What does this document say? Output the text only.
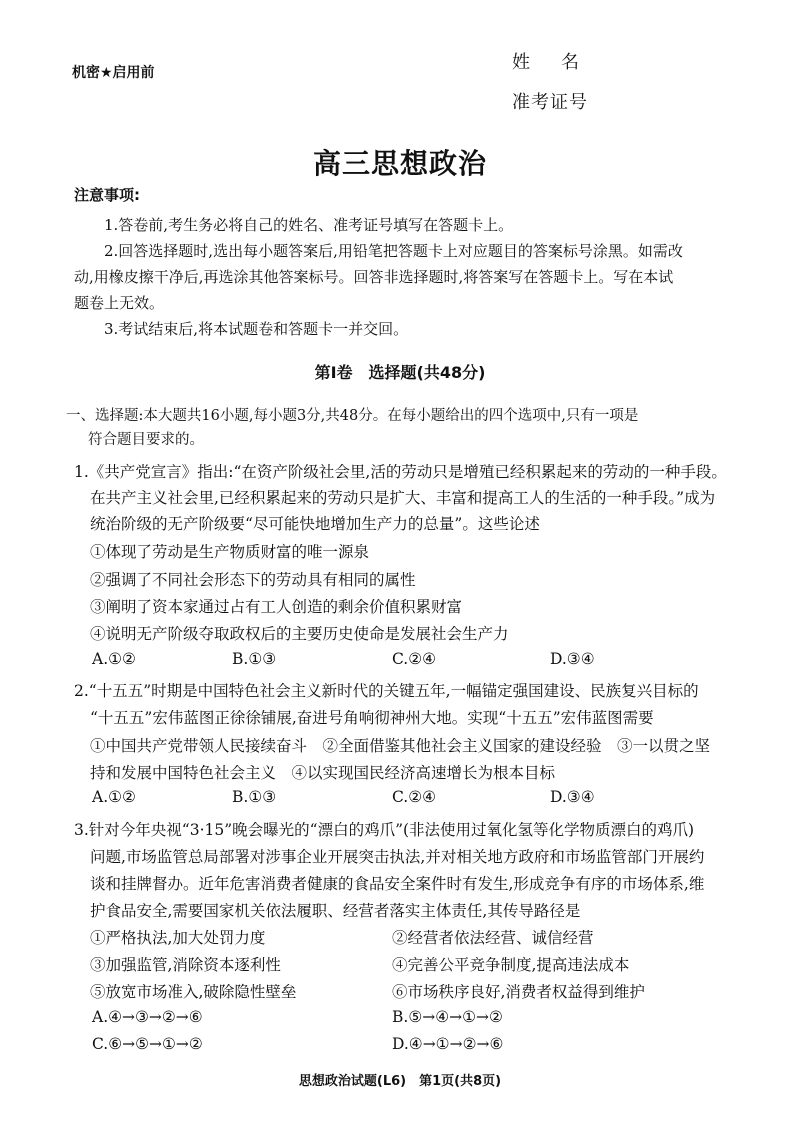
机密★启用前	姓 名
准考证号
高三思想政治
注意事项:
1.答卷前,考生务必将自己的姓名、准考证号填写在答题卡上。
2.回答选择题时,选出每小题答案后,用铅笔把答题卡上对应题目的答案标号涂黑。如需改
动,用橡皮擦干净后,再选涂其他答案标号。回答非选择题时,将答案写在答题卡上。写在本试
题卷上无效。
3.考试结束后,将本试题卷和答题卡一并交回。
第Ⅰ卷　选择题(共48分)
一、选择题:本大题共16小题,每小题3分,共48分。在每小题给出的四个选项中,只有一项是
符合题目要求的。
1.《共产党宣言》指出:“在资产阶级社会里,活的劳动只是增殖已经积累起来的劳动的一种手段。
在共产主义社会里,已经积累起来的劳动只是扩大、丰富和提高工人的生活的一种手段。”成为
统治阶级的无产阶级要“尽可能快地增加生产力的总量”。这些论述
①体现了劳动是生产物质财富的唯一源泉
②强调了不同社会形态下的劳动具有相同的属性
③阐明了资本家通过占有工人创造的剩余价值积累财富
④说明无产阶级夺取政权后的主要历史使命是发展社会生产力
A.①②	B.①③	C.②④	D.③④
2.“十五五”时期是中国特色社会主义新时代的关键五年,一幅锚定强国建设、民族复兴目标的
“十五五”宏伟蓝图正徐徐铺展,奋进号角响彻神州大地。实现“十五五”宏伟蓝图需要
①中国共产党带领人民接续奋斗　②全面借鉴其他社会主义国家的建设经验　③一以贯之坚
持和发展中国特色社会主义　④以实现国民经济高速增长为根本目标
A.①②	B.①③	C.②④	D.③④
3.针对今年央视“3·15”晚会曝光的“漂白的鸡爪”(非法使用过氧化氢等化学物质漂白的鸡爪)
问题,市场监管总局部署对涉事企业开展突击执法,并对相关地方政府和市场监管部门开展约
谈和挂牌督办。近年危害消费者健康的食品安全案件时有发生,形成竞争有序的市场体系,维
护食品安全,需要国家机关依法履职、经营者落实主体责任,其传导路径是
①严格执法,加大处罚力度	②经营者依法经营、诚信经营
③加强监管,消除资本逐利性	④完善公平竞争制度,提高违法成本
⑤放宽市场准入,破除隐性壁垒	⑥市场秩序良好,消费者权益得到维护
A.④→③→②→⑥	B.⑤→④→①→②
C.⑥→⑤→①→②	D.④→①→②→⑥
思想政治试题(L6)　第1页(共8页)
